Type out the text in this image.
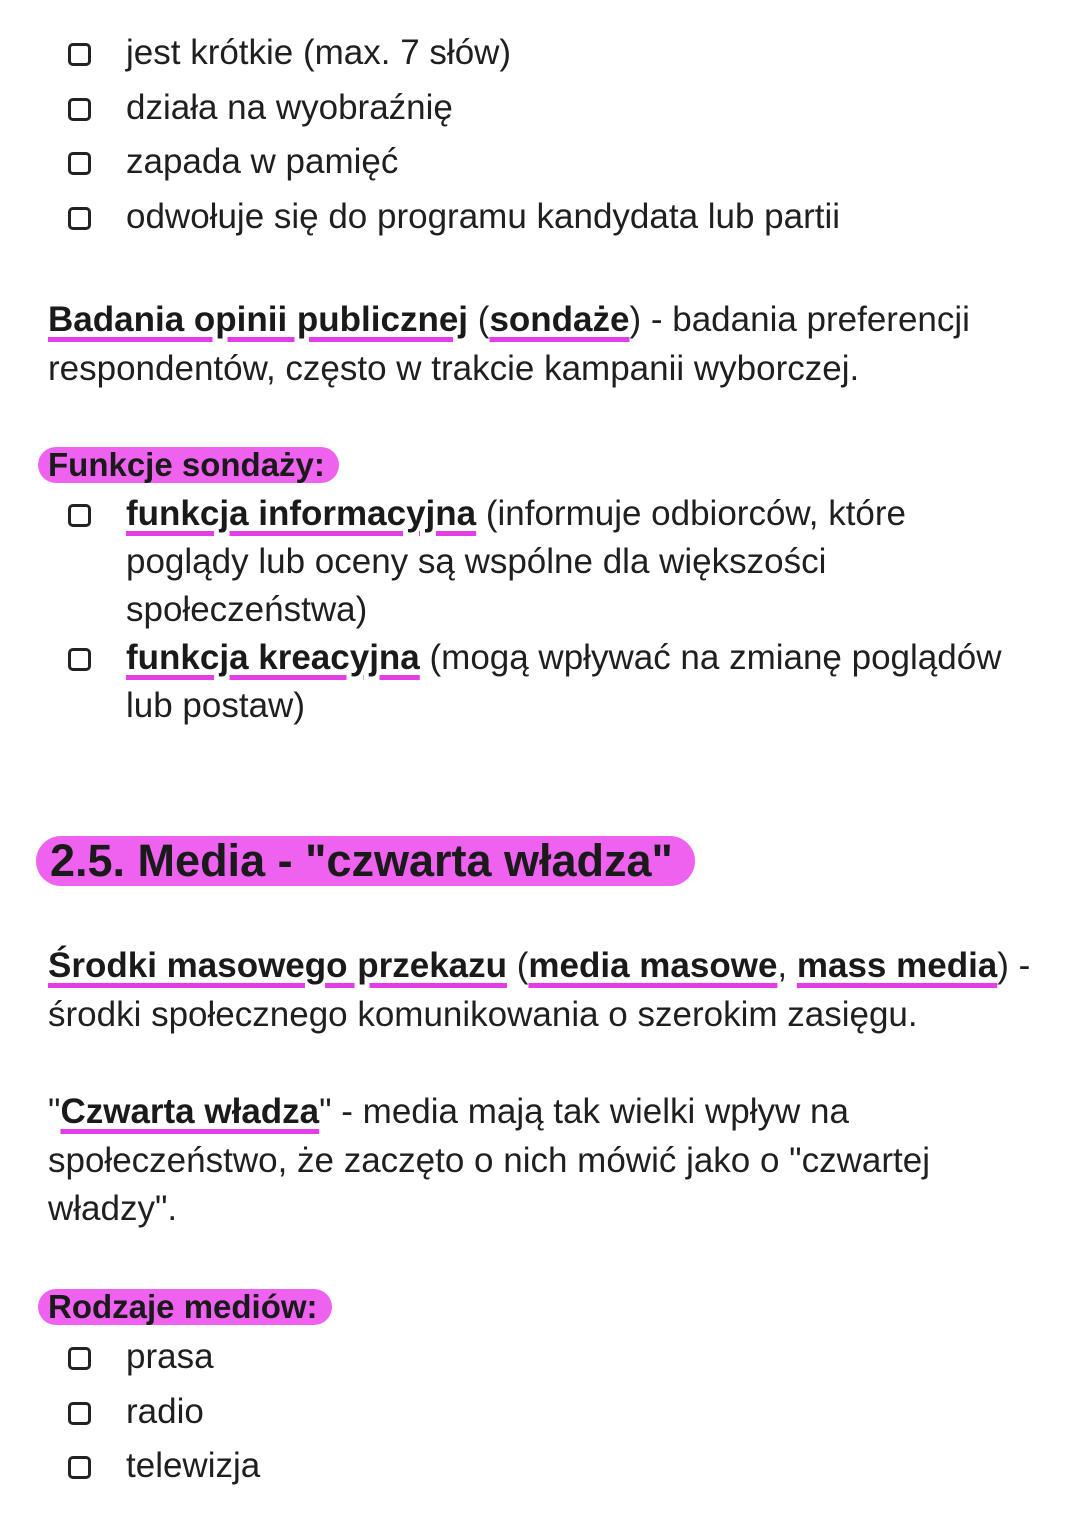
jest krótkie (max. 7 słów)
działa na wyobraźnię
zapada w pamięć
odwołuje się do programu kandydata lub partii

Badania opinii publicznej (sondaże) - badania preferencji
respondentów, często w trakcie kampanii wyborczej.

Funkcje sondaży:
funkcja informacyjna (informuje odbiorców, które poglądy lub oceny są wspólne dla większości społeczeństwa)
funkcja kreacyjna (mogą wpływać na zmianę poglądów lub postaw)
2.5. Media - "czwarta władza"

Środki masowego przekazu (media masowe, mass media) -
środki społecznego komunikowania o szerokim zasięgu.

"Czwarta władza" - media mają tak wielki wpływ na społeczeństwo, że zaczęto o nich mówić jako o "czwartej władzy".

Rodzaje mediów:
prasa
radio
telewizja
